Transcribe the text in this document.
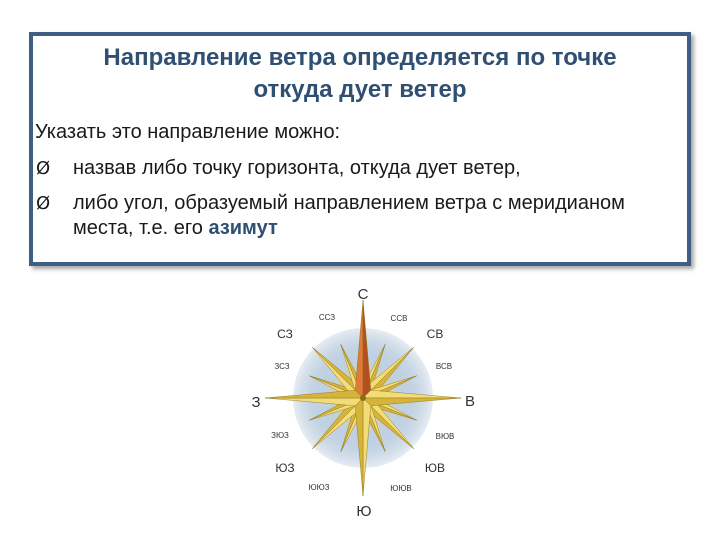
Направление ветра определяется по точке
откуда дует ветер
Указать это направление можно:
Ø назвав либо точку горизонта, откуда дует ветер,
Ø либо угол, образуемый направлением ветра с меридианом места, т.е. его азимут
С
ССВ
СВ
ВСВ
В
ВЮВ
ЮВ
ЮЮВ
Ю
ЮЮЗ
ЮЗ
ЗЮЗ
З
ЗСЗ
СЗ
ССЗ
